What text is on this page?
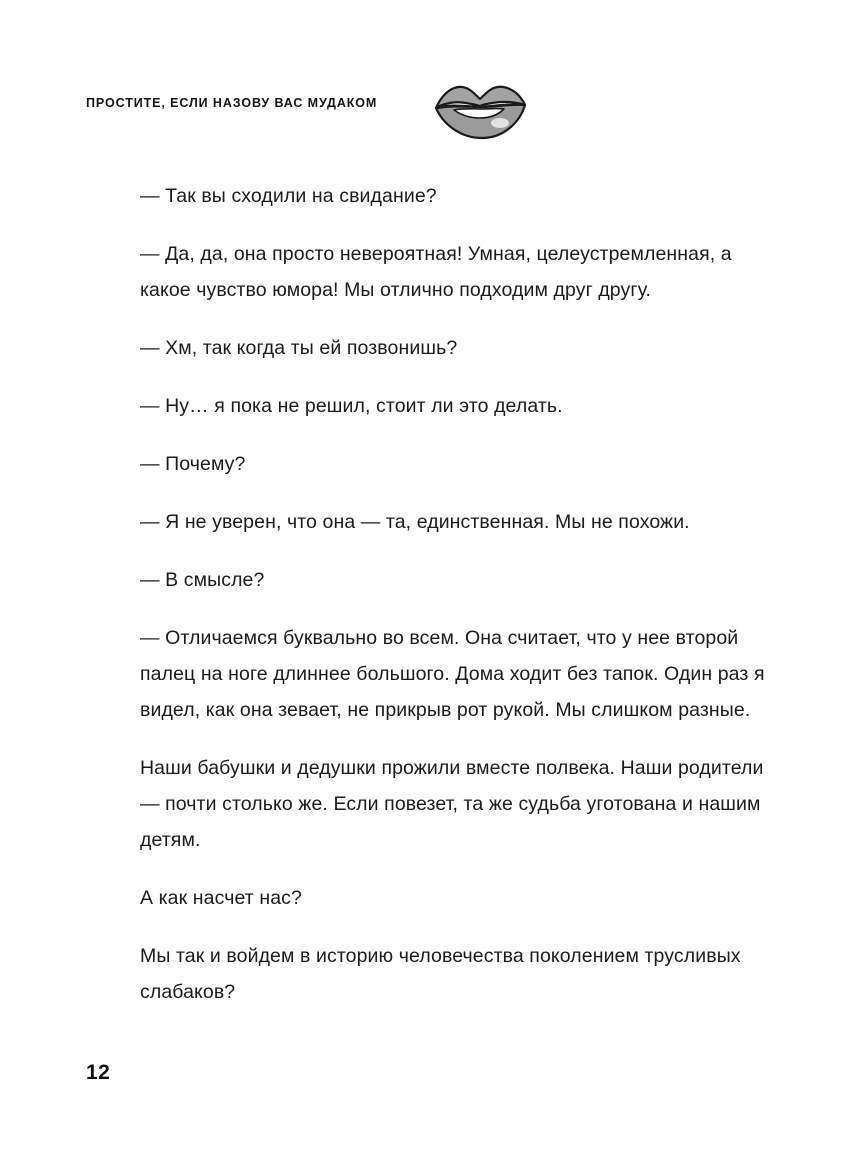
ПРОСТИТЕ, ЕСЛИ НАЗОВУ ВАС МУДАКОМ

— Так вы сходили на свидание?

— Да, да, она просто невероятная! Умная, целеустремленная, а какое чувство юмора! Мы отлично подходим друг другу.

— Хм, так когда ты ей позвонишь?

— Ну… я пока не решил, стоит ли это делать.

— Почему?

— Я не уверен, что она — та, единственная. Мы не похожи.

— В смысле?

— Отличаемся буквально во всем. Она считает, что у нее второй палец на ноге длиннее большого. Дома ходит без тапок. Один раз я видел, как она зевает, не прикрыв рот рукой. Мы слишком разные.

Наши бабушки и дедушки прожили вместе полвека. Наши родители — почти столько же. Если повезет, та же судьба уготована и нашим детям.

А как насчет нас?

Мы так и войдем в историю человечества поколением трусливых слабаков?

12
